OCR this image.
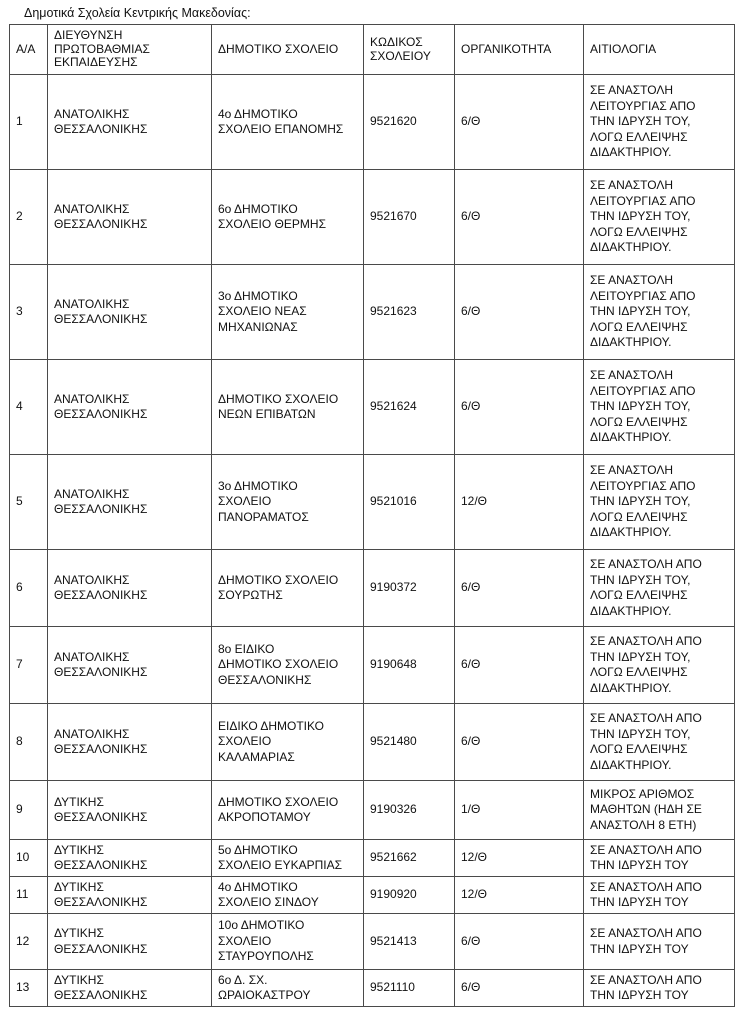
Δημοτικά Σχολεία Κεντρικής Μακεδονίας:
Α/Α	ΔΙΕΥΘΥΝΣΗ
ΠΡΩΤΟΒΑΘΜΙΑΣ
ΕΚΠΑΙΔΕΥΣΗΣ	ΔΗΜΟΤΙΚΟ ΣΧΟΛΕΙΟ	ΚΩΔΙΚΟΣ
ΣΧΟΛΕΙΟΥ	ΟΡΓΑΝΙΚΟΤΗΤΑ	ΑΙΤΙΟΛΟΓΙΑ
1	ΑΝΑΤΟΛΙΚΗΣ
ΘΕΣΣΑΛΟΝΙΚΗΣ	4ο ΔΗΜΟΤΙΚΟ
ΣΧΟΛΕΙΟ ΕΠΑΝΟΜΗΣ	9521620	6/Θ	ΣΕ ΑΝΑΣΤΟΛΗ
ΛΕΙΤΟΥΡΓΙΑΣ ΑΠΟ
ΤΗΝ ΙΔΡΥΣΗ ΤΟΥ,
ΛΟΓΩ ΕΛΛΕΙΨΗΣ
ΔΙΔΑΚΤΗΡΙΟΥ.
2	ΑΝΑΤΟΛΙΚΗΣ
ΘΕΣΣΑΛΟΝΙΚΗΣ	6ο ΔΗΜΟΤΙΚΟ
ΣΧΟΛΕΙΟ ΘΕΡΜΗΣ	9521670	6/Θ	ΣΕ ΑΝΑΣΤΟΛΗ
ΛΕΙΤΟΥΡΓΙΑΣ ΑΠΟ
ΤΗΝ ΙΔΡΥΣΗ ΤΟΥ,
ΛΟΓΩ ΕΛΛΕΙΨΗΣ
ΔΙΔΑΚΤΗΡΙΟΥ.
3	ΑΝΑΤΟΛΙΚΗΣ
ΘΕΣΣΑΛΟΝΙΚΗΣ	3ο ΔΗΜΟΤΙΚΟ
ΣΧΟΛΕΙΟ ΝΕΑΣ
ΜΗΧΑΝΙΩΝΑΣ	9521623	6/Θ	ΣΕ ΑΝΑΣΤΟΛΗ
ΛΕΙΤΟΥΡΓΙΑΣ ΑΠΟ
ΤΗΝ ΙΔΡΥΣΗ ΤΟΥ,
ΛΟΓΩ ΕΛΛΕΙΨΗΣ
ΔΙΔΑΚΤΗΡΙΟΥ.
4	ΑΝΑΤΟΛΙΚΗΣ
ΘΕΣΣΑΛΟΝΙΚΗΣ	ΔΗΜΟΤΙΚΟ ΣΧΟΛΕΙΟ
ΝΕΩΝ ΕΠΙΒΑΤΩΝ	9521624	6/Θ	ΣΕ ΑΝΑΣΤΟΛΗ
ΛΕΙΤΟΥΡΓΙΑΣ ΑΠΟ
ΤΗΝ ΙΔΡΥΣΗ ΤΟΥ,
ΛΟΓΩ ΕΛΛΕΙΨΗΣ
ΔΙΔΑΚΤΗΡΙΟΥ.
5	ΑΝΑΤΟΛΙΚΗΣ
ΘΕΣΣΑΛΟΝΙΚΗΣ	3ο ΔΗΜΟΤΙΚΟ
ΣΧΟΛΕΙΟ
ΠΑΝΟΡΑΜΑΤΟΣ	9521016	12/Θ	ΣΕ ΑΝΑΣΤΟΛΗ
ΛΕΙΤΟΥΡΓΙΑΣ ΑΠΟ
ΤΗΝ ΙΔΡΥΣΗ ΤΟΥ,
ΛΟΓΩ ΕΛΛΕΙΨΗΣ
ΔΙΔΑΚΤΗΡΙΟΥ.
6	ΑΝΑΤΟΛΙΚΗΣ
ΘΕΣΣΑΛΟΝΙΚΗΣ	ΔΗΜΟΤΙΚΟ ΣΧΟΛΕΙΟ
ΣΟΥΡΩΤΗΣ	9190372	6/Θ	ΣΕ ΑΝΑΣΤΟΛΗ ΑΠΟ
ΤΗΝ ΙΔΡΥΣΗ ΤΟΥ,
ΛΟΓΩ ΕΛΛΕΙΨΗΣ
ΔΙΔΑΚΤΗΡΙΟΥ.
7	ΑΝΑΤΟΛΙΚΗΣ
ΘΕΣΣΑΛΟΝΙΚΗΣ	8ο ΕΙΔΙΚΟ
ΔΗΜΟΤΙΚΟ ΣΧΟΛΕΙΟ
ΘΕΣΣΑΛΟΝΙΚΗΣ	9190648	6/Θ	ΣΕ ΑΝΑΣΤΟΛΗ ΑΠΟ
ΤΗΝ ΙΔΡΥΣΗ ΤΟΥ,
ΛΟΓΩ ΕΛΛΕΙΨΗΣ
ΔΙΔΑΚΤΗΡΙΟΥ.
8	ΑΝΑΤΟΛΙΚΗΣ
ΘΕΣΣΑΛΟΝΙΚΗΣ	ΕΙΔΙΚΟ ΔΗΜΟΤΙΚΟ
ΣΧΟΛΕΙΟ
ΚΑΛΑΜΑΡΙΑΣ	9521480	6/Θ	ΣΕ ΑΝΑΣΤΟΛΗ ΑΠΟ
ΤΗΝ ΙΔΡΥΣΗ ΤΟΥ,
ΛΟΓΩ ΕΛΛΕΙΨΗΣ
ΔΙΔΑΚΤΗΡΙΟΥ.
9	ΔΥΤΙΚΗΣ
ΘΕΣΣΑΛΟΝΙΚΗΣ	ΔΗΜΟΤΙΚΟ ΣΧΟΛΕΙΟ
ΑΚΡΟΠΟΤΑΜΟΥ	9190326	1/Θ	ΜΙΚΡΟΣ ΑΡΙΘΜΟΣ
ΜΑΘΗΤΩΝ (ΗΔΗ ΣΕ
ΑΝΑΣΤΟΛΗ 8 ΕΤΗ)
10	ΔΥΤΙΚΗΣ
ΘΕΣΣΑΛΟΝΙΚΗΣ	5ο ΔΗΜΟΤΙΚΟ
ΣΧΟΛΕΙΟ ΕΥΚΑΡΠΙΑΣ	9521662	12/Θ	ΣΕ ΑΝΑΣΤΟΛΗ ΑΠΟ
ΤΗΝ ΙΔΡΥΣΗ ΤΟΥ
11	ΔΥΤΙΚΗΣ
ΘΕΣΣΑΛΟΝΙΚΗΣ	4ο ΔΗΜΟΤΙΚΟ
ΣΧΟΛΕΙΟ ΣΙΝΔΟΥ	9190920	12/Θ	ΣΕ ΑΝΑΣΤΟΛΗ ΑΠΟ
ΤΗΝ ΙΔΡΥΣΗ ΤΟΥ
12	ΔΥΤΙΚΗΣ
ΘΕΣΣΑΛΟΝΙΚΗΣ	10ο ΔΗΜΟΤΙΚΟ
ΣΧΟΛΕΙΟ
ΣΤΑΥΡΟΥΠΟΛΗΣ	9521413	6/Θ	ΣΕ ΑΝΑΣΤΟΛΗ ΑΠΟ
ΤΗΝ ΙΔΡΥΣΗ ΤΟΥ
13	ΔΥΤΙΚΗΣ
ΘΕΣΣΑΛΟΝΙΚΗΣ	6ο Δ. ΣΧ.
ΩΡΑΙΟΚΑΣΤΡΟΥ	9521110	6/Θ	ΣΕ ΑΝΑΣΤΟΛΗ ΑΠΟ
ΤΗΝ ΙΔΡΥΣΗ ΤΟΥ
